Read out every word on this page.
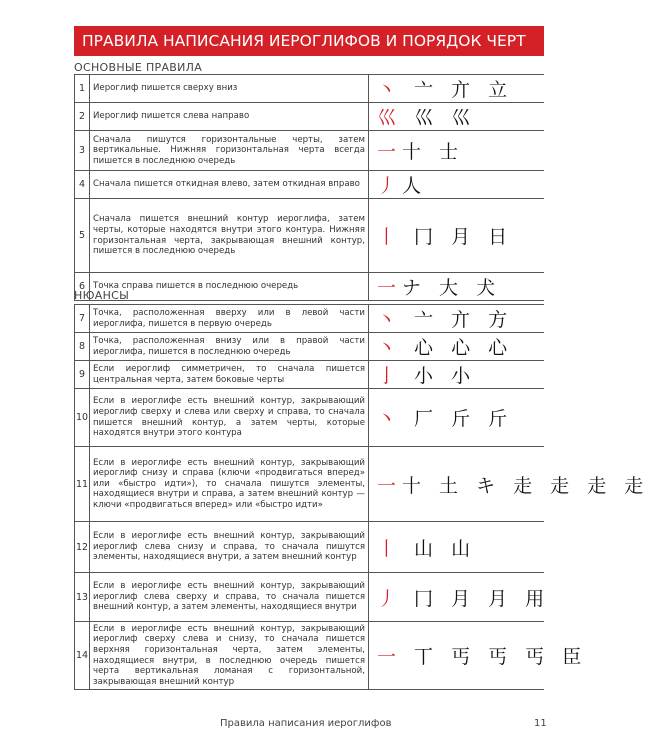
ПРАВИЛА НАПИСАНИЯ ИЕРОГЛИФОВ И ПОРЯДОК ЧЕРТ
ОСНОВНЫЕ ПРАВИЛА
1	Иероглиф пишется сверху вниз	丶 亠 亣 立
2	Иероглиф пишется слева направо	巛 巛 巛
3	Сначала пишутся горизонтальные черты, затем вертикальные. Нижняя горизонтальная черта всегда пишется в последнюю очередь	一十 士
4	Сначала пишется откидная влево, затем откидная вправо	丿人
5	Сначала пишется внешний контур иероглифа, затем черты, которые находятся внутри этого контура. Нижняя горизонтальная черта, закрывающая внешний контур, пишется в последнюю очередь	丨 冂 月 日
6	Точка справа пишется в последнюю очередь	一ナ 大 犬
НЮАНСЫ
7	Точка, расположенная вверху или в левой части иероглифа, пишется в первую очередь	丶 亠 亣 方
8	Точка, расположенная внизу или в правой части иероглифа, пишется в последнюю очередь	丶 心 心 心
9	Если иероглиф симметричен, то сначала пишется центральная черта, затем боковые черты	亅 小 小
10	Если в иероглифе есть внешний контур, закрывающий иероглиф сверху и слева или сверху и справа, то сначала пишется внешний контур, а затем черты, которые находятся внутри этого контура	丶 厂 斤 斤
11	Если в иероглифе есть внешний контур, закрывающий иероглиф снизу и справа (ключи «продвигаться вперед» или «быстро идти»), то сначала пишутся элементы, находящиеся внутри и справа, а затем внешний контур — ключи «продвигаться вперед» или «быстро идти»	一十 土 キ 走 走 走 走
12	Если в иероглифе есть внешний контур, закрывающий иероглиф слева снизу и справа, то сначала пишутся элементы, находящиеся внутри, а затем внешний контур	丨 山 山
13	Если в иероглифе есть внешний контур, закрывающий иероглиф слева сверху и справа, то сначала пишется внешний контур, а затем элементы, находящиеся внутри	丿 冂 月 月 用
14	Если в иероглифе есть внешний контур, закрывающий иероглиф сверху слева и снизу, то сначала пишется верхняя горизонтальная черта, затем элементы, находящиеся внутри, в последнюю очередь пишется черта вертикальная ломаная с горизонтальной, закрывающая внешний контур	一 丅 丐 丐 丐 臣
Правила написания иероглифов	11
